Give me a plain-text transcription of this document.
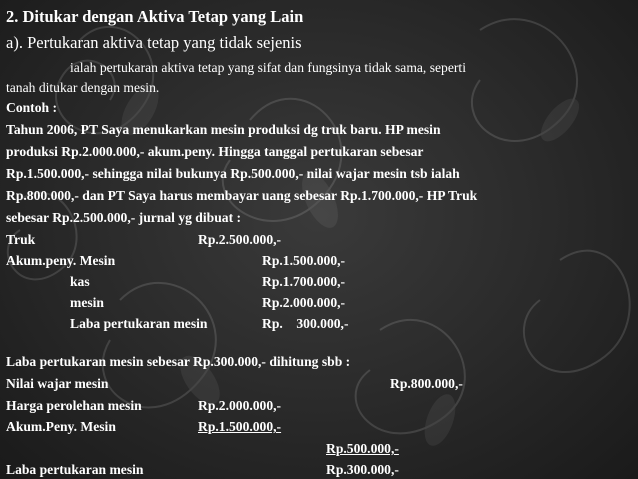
2. Ditukar dengan Aktiva Tetap yang Lain
a). Pertukaran aktiva tetap yang tidak sejenis
ialah pertukaran aktiva tetap yang sifat dan fungsinya tidak sama, seperti
tanah ditukar dengan mesin.
Contoh :
Tahun 2006, PT Saya menukarkan mesin produksi dg truk baru. HP mesin
produksi Rp.2.000.000,- akum.peny. Hingga tanggal pertukaran sebesar
Rp.1.500.000,- sehingga nilai bukunya Rp.500.000,- nilai wajar mesin tsb ialah
Rp.800.000,- dan PT Saya harus membayar uang sebesar Rp.1.700.000,- HP Truk
sebesar Rp.2.500.000,- jurnal yg dibuat :
Truk	Rp.2.500.000,-
Akum.peny. Mesin	Rp.1.500.000,-
kas	Rp.1.700.000,-
mesin	Rp.2.000.000,-
Laba pertukaran mesin	Rp.    300.000,-
Laba pertukaran mesin sebesar Rp.300.000,- dihitung sbb :
Nilai wajar mesin	Rp.800.000,-
Harga perolehan mesin	Rp.2.000.000,-
Akum.Peny. Mesin	Rp.1.500.000,-
Rp.500.000,-
Laba pertukaran mesin	Rp.300.000,-
